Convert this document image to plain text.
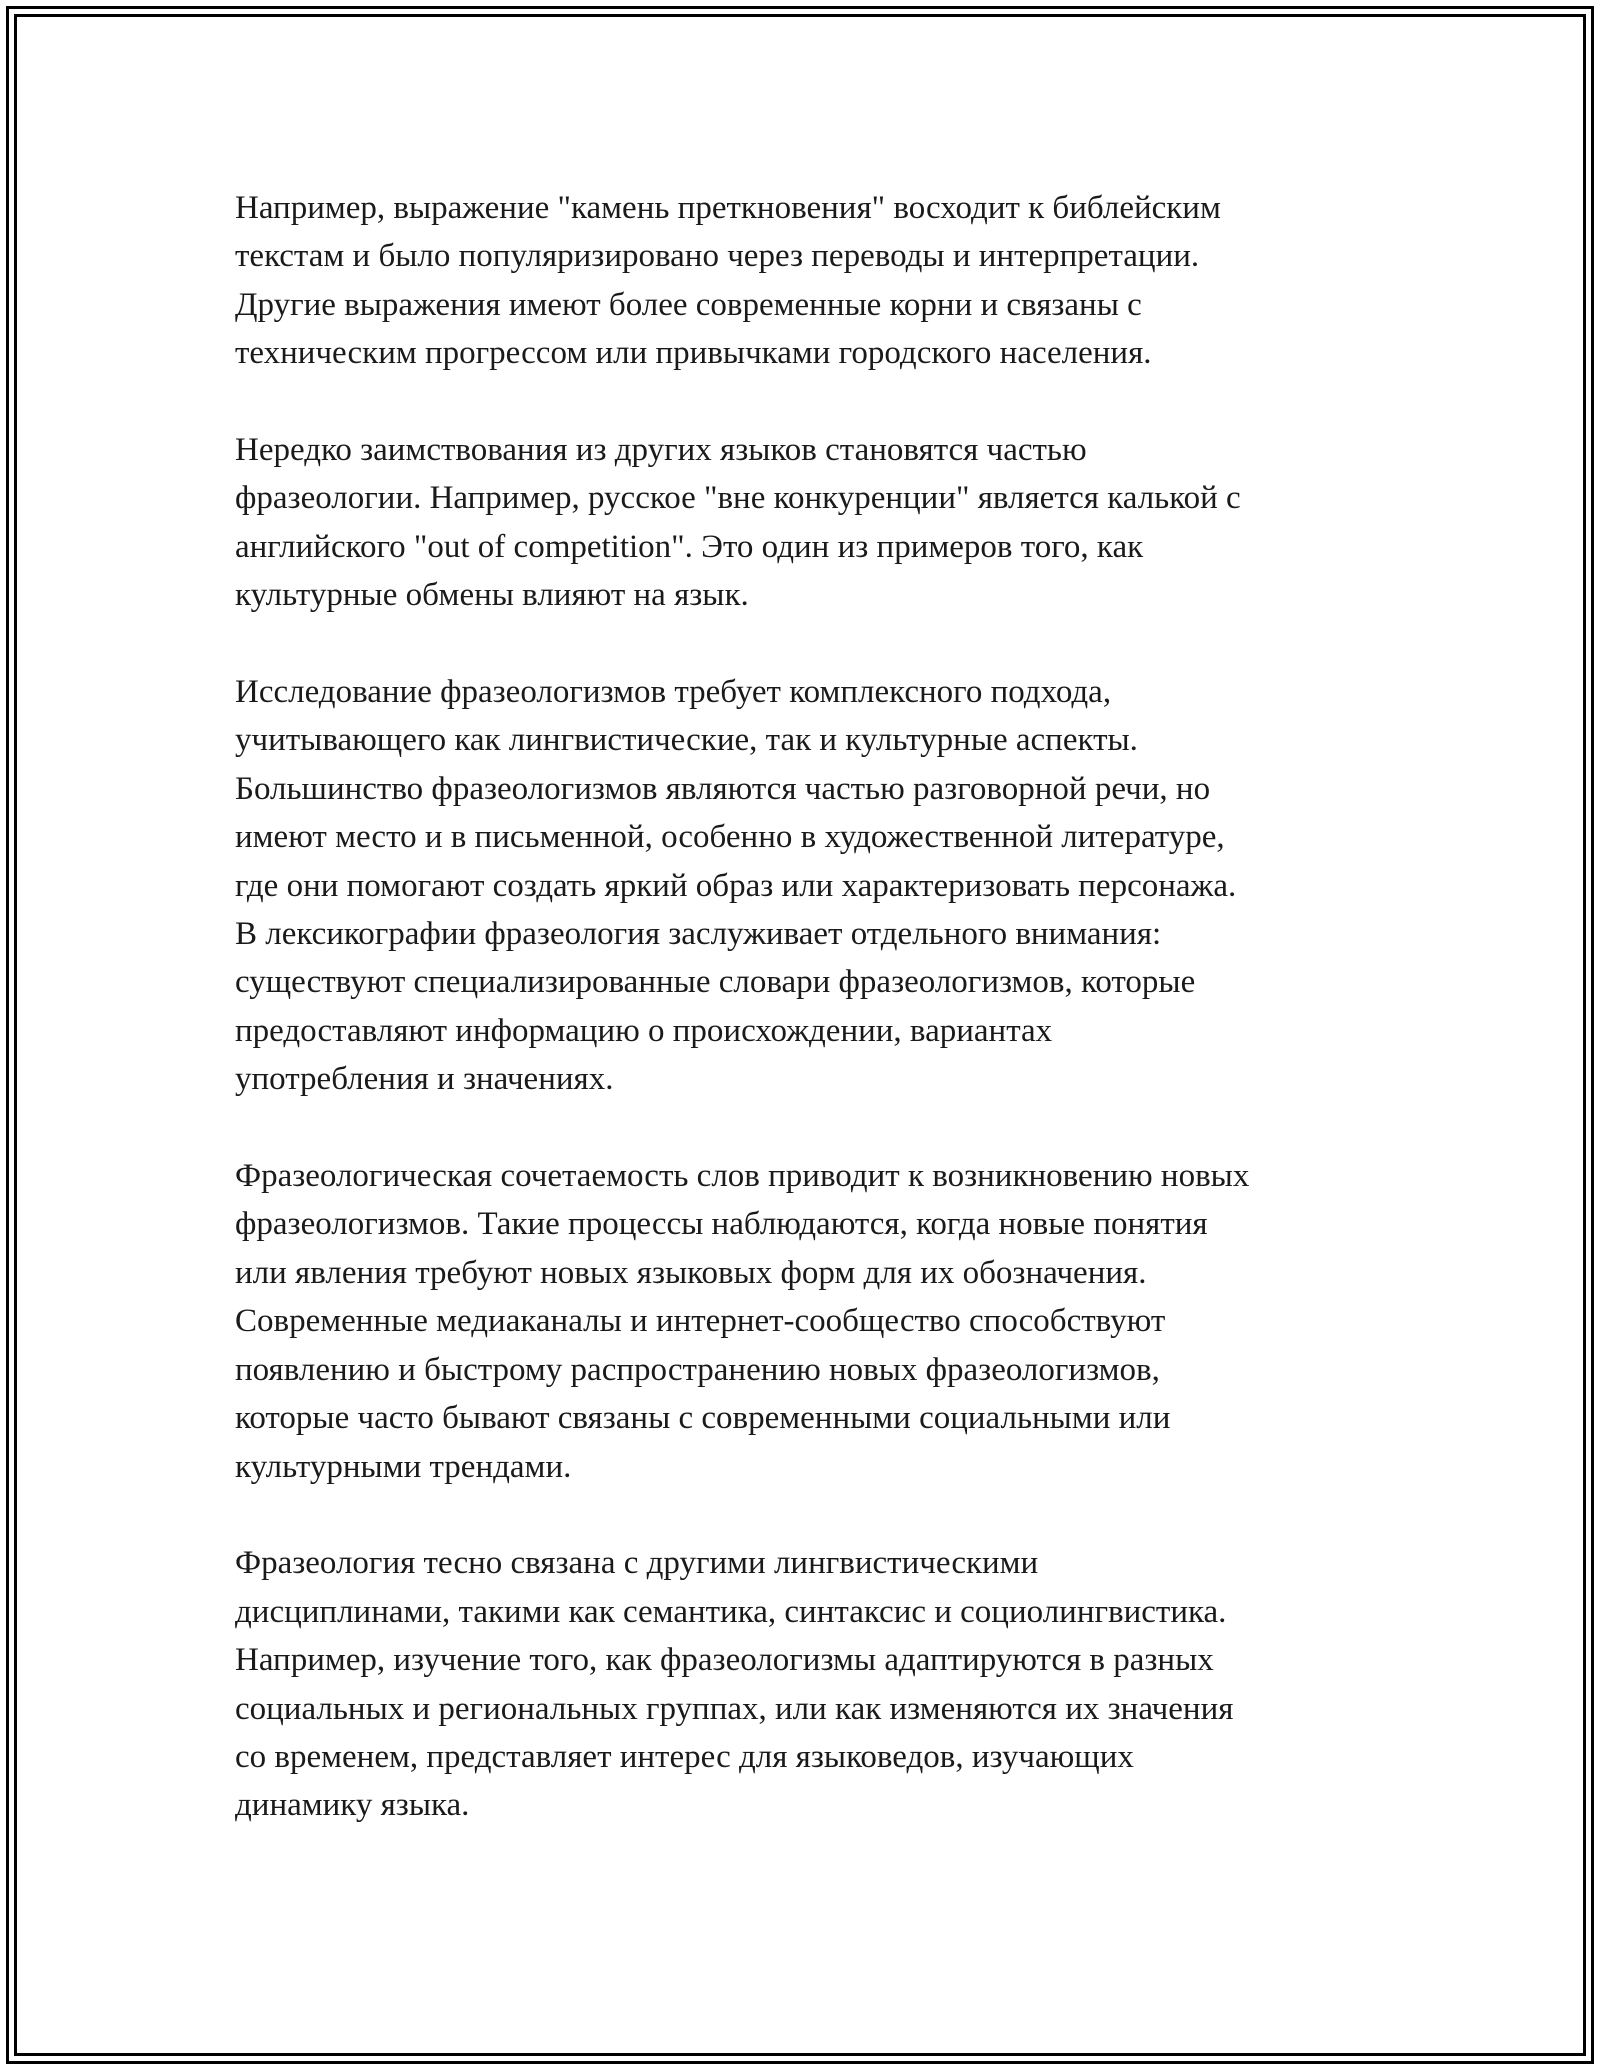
Например, выражение "камень преткновения" восходит к библейским
текстам и было популяризировано через переводы и интерпретации.
Другие выражения имеют более современные корни и связаны с
техническим прогрессом или привычками городского населения.

Нередко заимствования из других языков становятся частью
фразеологии. Например, русское "вне конкуренции" является калькой с
английского "out of competition". Это один из примеров того, как
культурные обмены влияют на язык.

Исследование фразеологизмов требует комплексного подхода,
учитывающего как лингвистические, так и культурные аспекты.
Большинство фразеологизмов являются частью разговорной речи, но
имеют место и в письменной, особенно в художественной литературе,
где они помогают создать яркий образ или характеризовать персонажа.
В лексикографии фразеология заслуживает отдельного внимания:
существуют специализированные словари фразеологизмов, которые
предоставляют информацию о происхождении, вариантах
употребления и значениях.

Фразеологическая сочетаемость слов приводит к возникновению новых
фразеологизмов. Такие процессы наблюдаются, когда новые понятия
или явления требуют новых языковых форм для их обозначения.
Современные медиаканалы и интернет-сообщество способствуют
появлению и быстрому распространению новых фразеологизмов,
которые часто бывают связаны с современными социальными или
культурными трендами.

Фразеология тесно связана с другими лингвистическими
дисциплинами, такими как семантика, синтаксис и социолингвистика.
Например, изучение того, как фразеологизмы адаптируются в разных
социальных и региональных группах, или как изменяются их значения
со временем, представляет интерес для языковедов, изучающих
динамику языка.
